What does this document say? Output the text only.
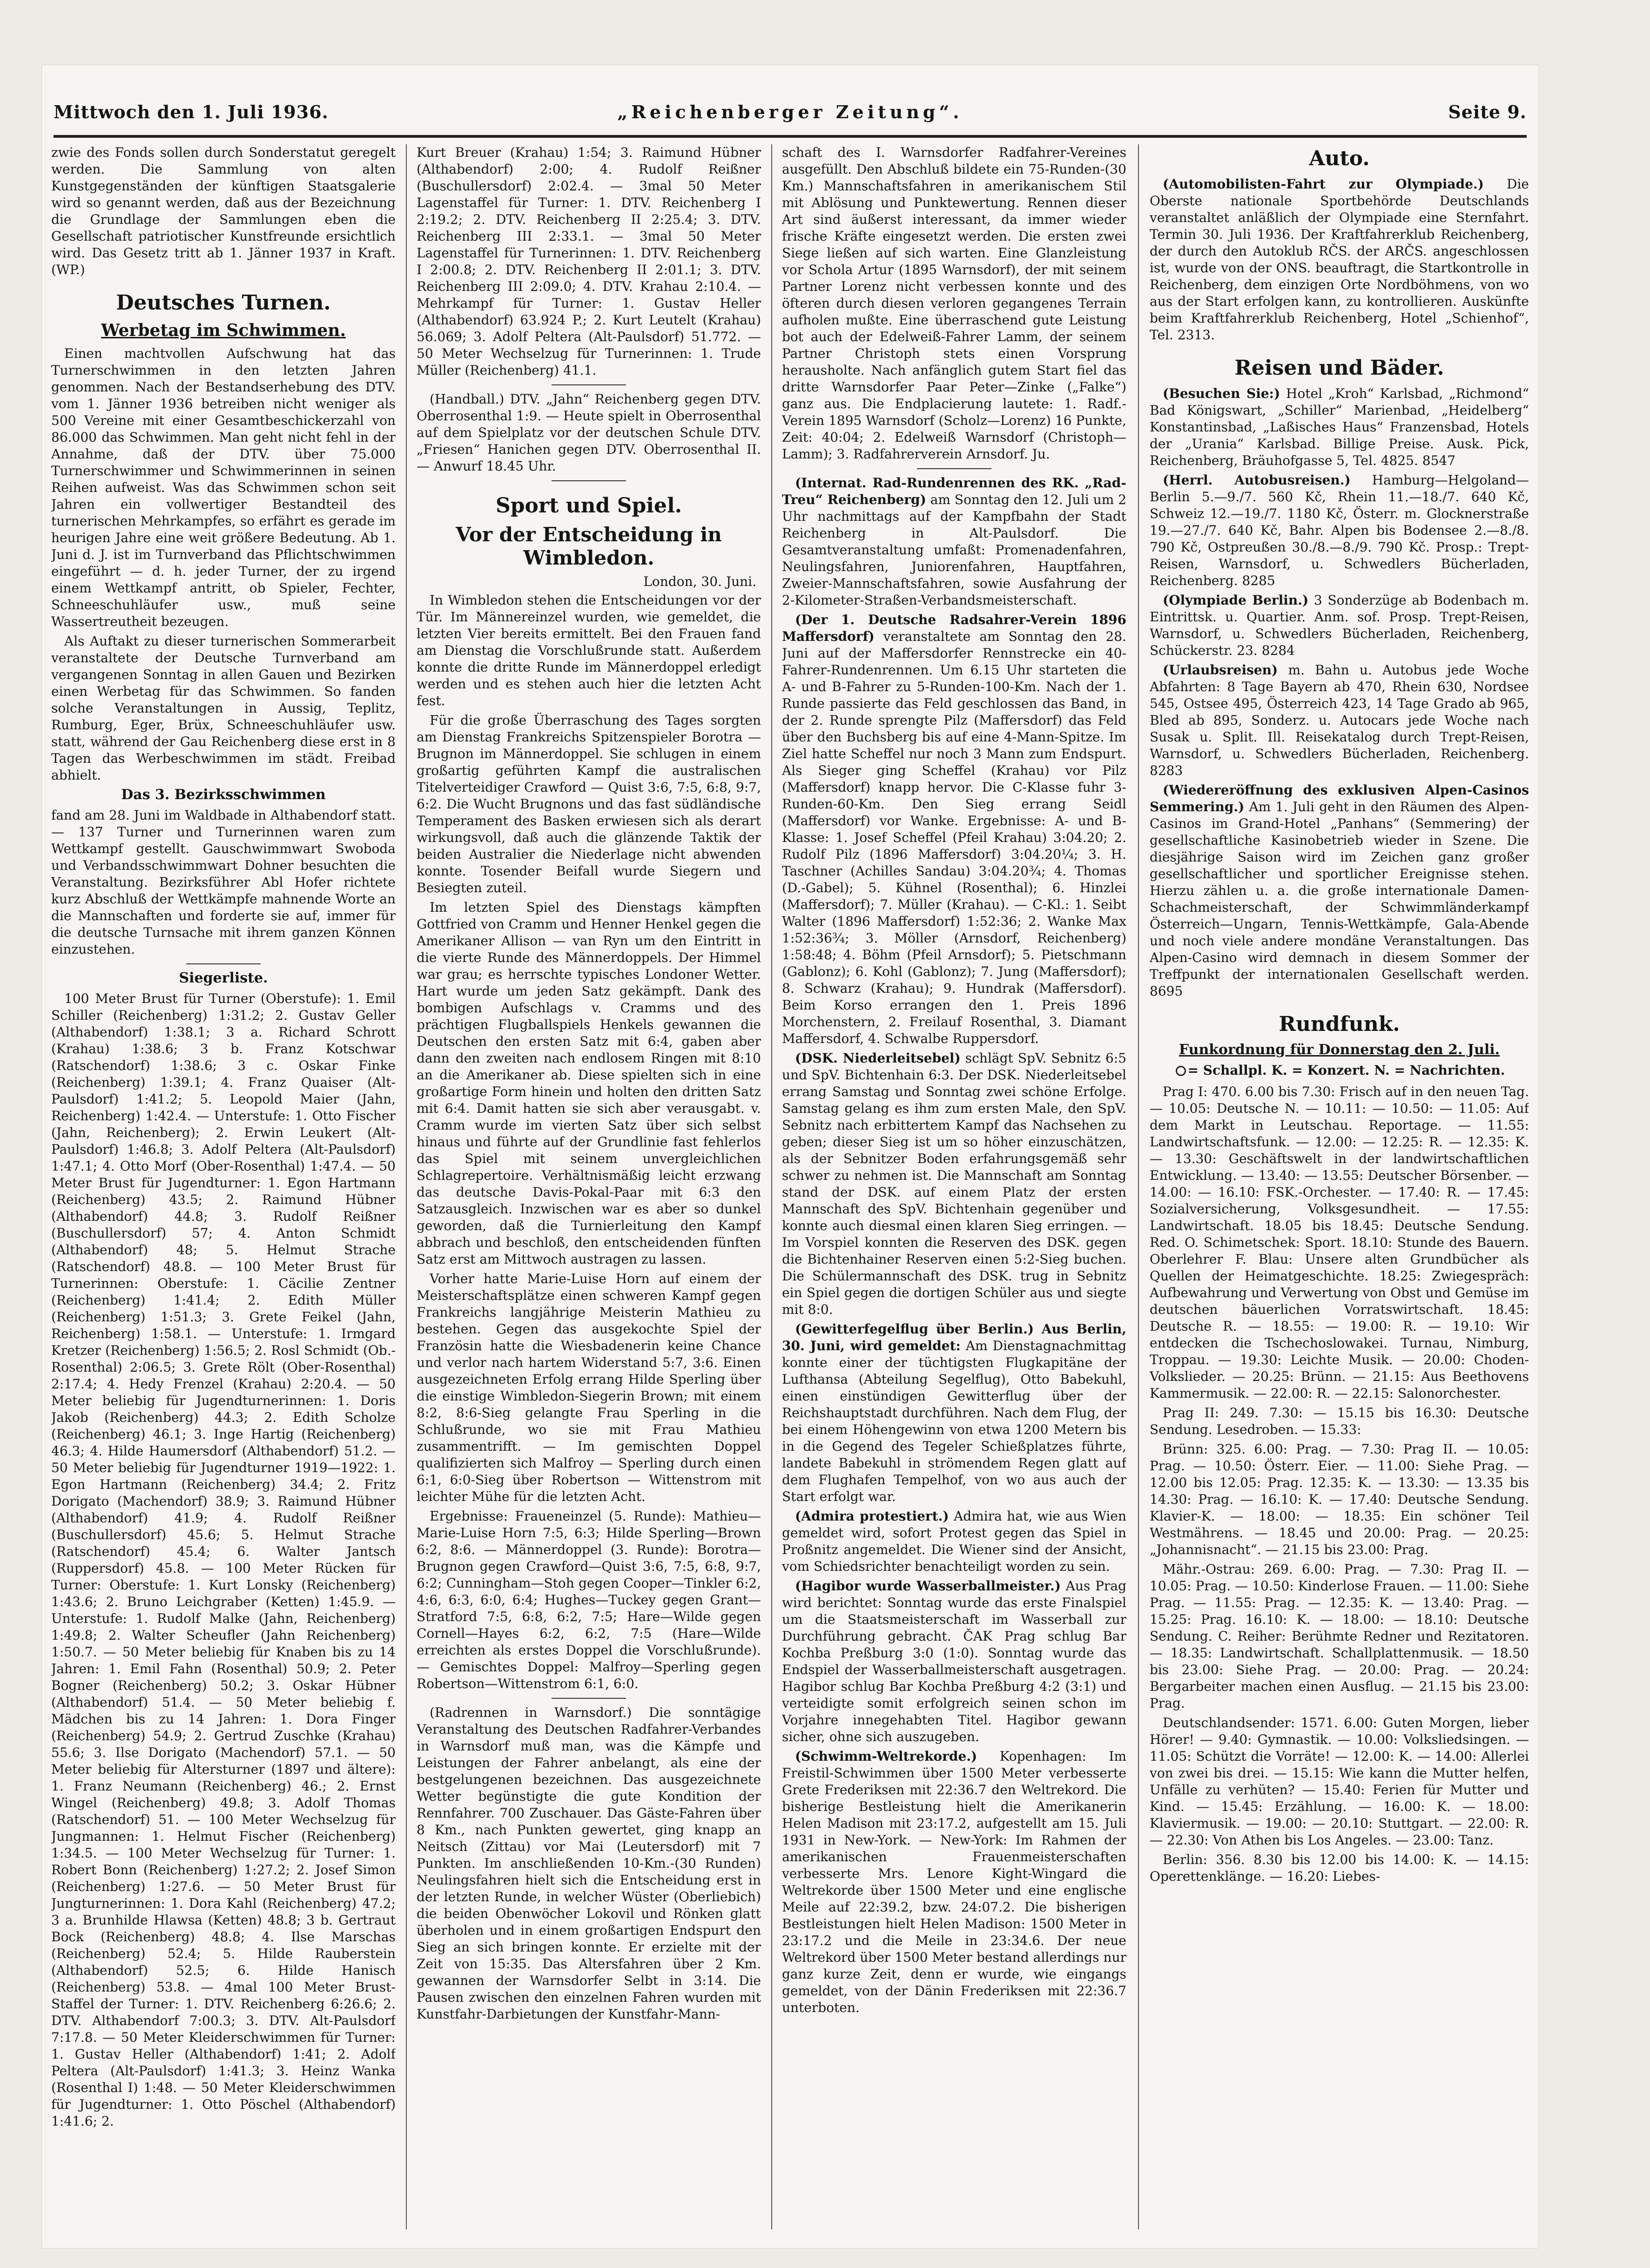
Mittwoch den 1. Juli 1936.	„Reichenberger Zeitung“.	Seite 9.

zwie des Fonds sollen durch Sonderstatut geregelt werden. Die Sammlung von alten Kunstgegenständen der künftigen Staatsgalerie wird so genannt werden, daß aus der Bezeichnung die Grundlage der Sammlungen eben die Gesellschaft patriotischer Kunstfreunde ersichtlich wird. Das Gesetz tritt ab 1. Jänner 1937 in Kraft. (WP.)

Deutsches Turnen.
Werbetag im Schwimmen.

Einen machtvollen Aufschwung hat das Turnerschwimmen in den letzten Jahren genommen. Nach der Bestandserhebung des DTV. vom 1. Jänner 1936 betreiben nicht weniger als 500 Vereine mit einer Gesamtbeschickerzahl von 86.000 das Schwimmen. Man geht nicht fehl in der Annahme, daß der DTV. über 75.000 Turnerschwimmer und Schwimmerinnen in seinen Reihen aufweist. Was das Schwimmen schon seit Jahren ein vollwertiger Bestandteil des turnerischen Mehrkampfes, so erfährt es gerade im heurigen Jahre eine weit größere Bedeutung. Ab 1. Juni d. J. ist im Turnverband das Pflichtschwimmen eingeführt — d. h. jeder Turner, der zu irgend einem Wettkampf antritt, ob Spieler, Fechter, Schneeschuhläufer usw., muß seine Wassertreutheit bezeugen.

Als Auftakt zu dieser turnerischen Sommerarbeit veranstaltete der Deutsche Turnverband am vergangenen Sonntag in allen Gauen und Bezirken einen Werbetag für das Schwimmen. So fanden solche Veranstaltungen in Aussig, Teplitz, Rumburg, Eger, Brüx, Schneeschuhläufer usw. statt, während der Gau Reichenberg diese erst in 8 Tagen das Werbeschwimmen im städt. Freibad abhielt.

Das 3. Bezirksschwimmen

fand am 28. Juni im Waldbade in Althabendorf statt. — 137 Turner und Turnerinnen waren zum Wettkampf gestellt. Gauschwimmwart Swoboda und Verbandsschwimmwart Dohner besuchten die Veranstaltung. Bezirksführer Abl Hofer richtete kurz Abschluß der Wettkämpfe mahnende Worte an die Mannschaften und forderte sie auf, immer für die deutsche Turnsache mit ihrem ganzen Können einzustehen.

Siegerliste.

100 Meter Brust für Turner (Oberstufe): 1. Emil Schiller (Reichenberg) 1:31.2; 2. Gustav Geller (Althabendorf) 1:38.1; 3 a. Richard Schrott (Krahau) 1:38.6; 3 b. Franz Kotschwar (Ratschendorf) 1:38.6; 3 c. Oskar Finke (Reichenberg) 1:39.1; 4. Franz Quaiser (Alt-Paulsdorf) 1:41.2; 5. Leopold Maier (Jahn, Reichenberg) 1:42.4. — Unterstufe: 1. Otto Fischer (Jahn, Reichenberg); 2. Erwin Leukert (Alt-Paulsdorf) 1:46.8; 3. Adolf Peltera (Alt-Paulsdorf) 1:47.1; 4. Otto Morf (Ober-Rosenthal) 1:47.4. — 50 Meter Brust für Jugendturner: 1. Egon Hartmann (Reichenberg) 43.5; 2. Raimund Hübner (Althabendorf) 44.8; 3. Rudolf Reißner (Buschullersdorf) 57; 4. Anton Schmidt (Althabendorf) 48; 5. Helmut Strache (Ratschendorf) 48.8. — 100 Meter Brust für Turnerinnen: Oberstufe: 1. Cäcilie Zentner (Reichenberg) 1:41.4; 2. Edith Müller (Reichenberg) 1:51.3; 3. Grete Feikel (Jahn, Reichenberg) 1:58.1. — Unterstufe: 1. Irmgard Kretzer (Reichenberg) 1:56.5; 2. Rosl Schmidt (Ob.-Rosenthal) 2:06.5; 3. Grete Rölt (Ober-Rosenthal) 2:17.4; 4. Hedy Frenzel (Krahau) 2:20.4. — 50 Meter beliebig für Jugendturnerinnen: 1. Doris Jakob (Reichenberg) 44.3; 2. Edith Scholze (Reichenberg) 46.1; 3. Inge Hartig (Reichenberg) 46.3; 4. Hilde Haumersdorf (Althabendorf) 51.2. — 50 Meter beliebig für Jugendturner 1919—1922: 1. Egon Hartmann (Reichenberg) 34.4; 2. Fritz Dorigato (Machendorf) 38.9; 3. Raimund Hübner (Althabendorf) 41.9; 4. Rudolf Reißner (Buschullersdorf) 45.6; 5. Helmut Strache (Ratschendorf) 45.4; 6. Walter Jantsch (Ruppersdorf) 45.8. — 100 Meter Rücken für Turner: Oberstufe: 1. Kurt Lonsky (Reichenberg) 1:43.6; 2. Bruno Leichgraber (Ketten) 1:45.9. — Unterstufe: 1. Rudolf Malke (Jahn, Reichenberg) 1:49.8; 2. Walter Scheufler (Jahn Reichenberg) 1:50.7. — 50 Meter beliebig für Knaben bis zu 14 Jahren: 1. Emil Fahn (Rosenthal) 50.9; 2. Peter Bogner (Reichenberg) 50.2; 3. Oskar Hübner (Althabendorf) 51.4. — 50 Meter beliebig f. Mädchen bis zu 14 Jahren: 1. Dora Finger (Reichenberg) 54.9; 2. Gertrud Zuschke (Krahau) 55.6; 3. Ilse Dorigato (Machendorf) 57.1. — 50 Meter beliebig für Altersturner (1897 und ältere): 1. Franz Neumann (Reichenberg) 46.; 2. Ernst Wingel (Reichenberg) 49.8; 3. Adolf Thomas (Ratschendorf) 51. — 100 Meter Wechselzug für Jungmannen: 1. Helmut Fischer (Reichenberg) 1:34.5. — 100 Meter Wechselzug für Turner: 1. Robert Bonn (Reichenberg) 1:27.2; 2. Josef Simon (Reichenberg) 1:27.6. — 50 Meter Brust für Jungturnerinnen: 1. Dora Kahl (Reichenberg) 47.2; 3 a. Brunhilde Hlawsa (Ketten) 48.8; 3 b. Gertraut Bock (Reichenberg) 48.8; 4. Ilse Marschas (Reichenberg) 52.4; 5. Hilde Rauberstein (Althabendorf) 52.5; 6. Hilde Hanisch (Reichenberg) 53.8. — 4mal 100 Meter Brust-Staffel der Turner: 1. DTV. Reichenberg 6:26.6; 2. DTV. Althabendorf 7:00.3; 3. DTV. Alt-Paulsdorf 7:17.8. — 50 Meter Kleiderschwimmen für Turner: 1. Gustav Heller (Althabendorf) 1:41; 2. Adolf Peltera (Alt-Paulsdorf) 1:41.3; 3. Heinz Wanka (Rosenthal I) 1:48. — 50 Meter Kleiderschwimmen für Jugendturner: 1. Otto Pöschel (Althabendorf) 1:41.6; 2.

Kurt Breuer (Krahau) 1:54; 3. Raimund Hübner (Althabendorf) 2:00; 4. Rudolf Reißner (Buschullersdorf) 2:02.4. — 3mal 50 Meter Lagenstaffel für Turner: 1. DTV. Reichenberg I 2:19.2; 2. DTV. Reichenberg II 2:25.4; 3. DTV. Reichenberg III 2:33.1. — 3mal 50 Meter Lagenstaffel für Turnerinnen: 1. DTV. Reichenberg I 2:00.8; 2. DTV. Reichenberg II 2:01.1; 3. DTV. Reichenberg III 2:09.0; 4. DTV. Krahau 2:10.4. — Mehrkampf für Turner: 1. Gustav Heller (Althabendorf) 63.924 P.; 2. Kurt Leutelt (Krahau) 56.069; 3. Adolf Peltera (Alt-Paulsdorf) 51.772. — 50 Meter Wechselzug für Turnerinnen: 1. Trude Müller (Reichenberg) 41.1.

(Handball.) DTV. „Jahn“ Reichenberg gegen DTV. Oberrosenthal 1:9. — Heute spielt in Oberrosenthal auf dem Spielplatz vor der deutschen Schule DTV. „Friesen“ Hanichen gegen DTV. Oberrosenthal II. — Anwurf 18.45 Uhr.

Sport und Spiel.
Vor der Entscheidung in Wimbledon.
London, 30. Juni.

In Wimbledon stehen die Entscheidungen vor der Tür. Im Männereinzel wurden, wie gemeldet, die letzten Vier bereits ermittelt. Bei den Frauen fand am Dienstag die Vorschlußrunde statt. Außerdem konnte die dritte Runde im Männerdoppel erledigt werden und es stehen auch hier die letzten Acht fest.

Für die große Überraschung des Tages sorgten am Dienstag Frankreichs Spitzenspieler Borotra — Brugnon im Männerdoppel. Sie schlugen in einem großartig geführten Kampf die australischen Titelverteidiger Crawford — Quist 3:6, 7:5, 6:8, 9:7, 6:2. Die Wucht Brugnons und das fast südländische Temperament des Basken erwiesen sich als derart wirkungsvoll, daß auch die glänzende Taktik der beiden Australier die Niederlage nicht abwenden konnte. Tosender Beifall wurde Siegern und Besiegten zuteil.

Im letzten Spiel des Dienstags kämpften Gottfried von Cramm und Henner Henkel gegen die Amerikaner Allison — van Ryn um den Eintritt in die vierte Runde des Männerdoppels. Der Himmel war grau; es herrschte typisches Londoner Wetter. Hart wurde um jeden Satz gekämpft. Dank des bombigen Aufschlags v. Cramms und des prächtigen Flugballspiels Henkels gewannen die Deutschen den ersten Satz mit 6:4, gaben aber dann den zweiten nach endlosem Ringen mit 8:10 an die Amerikaner ab. Diese spielten sich in eine großartige Form hinein und holten den dritten Satz mit 6:4. Damit hatten sie sich aber verausgabt. v. Cramm wurde im vierten Satz über sich selbst hinaus und führte auf der Grundlinie fast fehlerlos das Spiel mit seinem unvergleichlichen Schlagrepertoire. Verhältnismäßig leicht erzwang das deutsche Davis-Pokal-Paar mit 6:3 den Satzausgleich. Inzwischen war es aber so dunkel geworden, daß die Turnierleitung den Kampf abbrach und beschloß, den entscheidenden fünften Satz erst am Mittwoch austragen zu lassen.

Vorher hatte Marie-Luise Horn auf einem der Meisterschaftsplätze einen schweren Kampf gegen Frankreichs langjährige Meisterin Mathieu zu bestehen. Gegen das ausgekochte Spiel der Französin hatte die Wiesbadenerin keine Chance und verlor nach hartem Widerstand 5:7, 3:6. Einen ausgezeichneten Erfolg errang Hilde Sperling über die einstige Wimbledon-Siegerin Brown; mit einem 8:2, 8:6-Sieg gelangte Frau Sperling in die Schlußrunde, wo sie mit Frau Mathieu zusammentrifft. — Im gemischten Doppel qualifizierten sich Malfroy — Sperling durch einen 6:1, 6:0-Sieg über Robertson — Wittenstrom mit leichter Mühe für die letzten Acht.

Ergebnisse: Fraueneinzel (5. Runde): Mathieu—Marie-Luise Horn 7:5, 6:3; Hilde Sperling—Brown 6:2, 8:6. — Männerdoppel (3. Runde): Borotra—Brugnon gegen Crawford—Quist 3:6, 7:5, 6:8, 9:7, 6:2; Cunningham—Stoh gegen Cooper—Tinkler 6:2, 4:6, 6:3, 6:0, 6:4; Hughes—Tuckey gegen Grant—Stratford 7:5, 6:8, 6:2, 7:5; Hare—Wilde gegen Cornell—Hayes 6:2, 6:2, 7:5 (Hare—Wilde erreichten als erstes Doppel die Vorschlußrunde). — Gemischtes Doppel: Malfroy—Sperling gegen Robertson—Wittenstrom 6:1, 6:0.

(Radrennen in Warnsdorf.) Die sonntägige Veranstaltung des Deutschen Radfahrer-Verbandes in Warnsdorf muß man, was die Kämpfe und Leistungen der Fahrer anbelangt, als eine der bestgelungenen bezeichnen. Das ausgezeichnete Wetter begünstigte die gute Kondition der Rennfahrer. 700 Zuschauer. Das Gäste-Fahren über 8 Km., nach Punkten gewertet, ging knapp an Neitsch (Zittau) vor Mai (Leutersdorf) mit 7 Punkten. Im anschließenden 10-Km.-(30 Runden) Neulingsfahren hielt sich die Entscheidung erst in der letzten Runde, in welcher Wüster (Oberliebich) die beiden Obenwöcher Lokovil und Rönken glatt überholen und in einem großartigen Endspurt den Sieg an sich bringen konnte. Er erzielte mit der Zeit von 15:35. Das Altersfahren über 2 Km. gewannen der Warnsdorfer Selbt in 3:14. Die Pausen zwischen den einzelnen Fahren wurden mit Kunstfahr-Darbietungen der Kunstfahr-Mann-

schaft des I. Warnsdorfer Radfahrer-Vereines ausgefüllt. Den Abschluß bildete ein 75-Runden-(30 Km.) Mannschaftsfahren in amerikanischem Stil mit Ablösung und Punktewertung. Rennen dieser Art sind äußerst interessant, da immer wieder frische Kräfte eingesetzt werden. Die ersten zwei Siege ließen auf sich warten. Eine Glanzleistung vor Schola Artur (1895 Warnsdorf), der mit seinem Partner Lorenz nicht verbessen konnte und des öfteren durch diesen verloren gegangenes Terrain aufholen mußte. Eine überraschend gute Leistung bot auch der Edelweiß-Fahrer Lamm, der seinem Partner Christoph stets einen Vorsprung herausholte. Nach anfänglich gutem Start fiel das dritte Warnsdorfer Paar Peter—Zinke („Falke“) ganz aus. Die Endplacierung lautete: 1. Radf.-Verein 1895 Warnsdorf (Scholz—Lorenz) 16 Punkte, Zeit: 40:04; 2. Edelweiß Warnsdorf (Christoph—Lamm); 3. Radfahrerverein Arnsdorf. Ju.

(Internat. Rad-Rundenrennen des RK. „Rad-Treu“ Reichenberg) am Sonntag den 12. Juli um 2 Uhr nachmittags auf der Kampfbahn der Stadt Reichenberg in Alt-Paulsdorf. Die Gesamtveranstaltung umfaßt: Promenadenfahren, Neulingsfahren, Juniorenfahren, Hauptfahren, Zweier-Mannschaftsfahren, sowie Ausfahrung der 2-Kilometer-Straßen-Verbandsmeisterschaft.

(Der 1. Deutsche Radsahrer-Verein 1896 Maffersdorf) veranstaltete am Sonntag den 28. Juni auf der Maffersdorfer Rennstrecke ein 40-Fahrer-Rundenrennen. Um 6.15 Uhr starteten die A- und B-Fahrer zu 5-Runden-100-Km. Nach der 1. Runde passierte das Feld geschlossen das Band, in der 2. Runde sprengte Pilz (Maffersdorf) das Feld über den Buchsberg bis auf eine 4-Mann-Spitze. Im Ziel hatte Scheffel nur noch 3 Mann zum Endspurt. Als Sieger ging Scheffel (Krahau) vor Pilz (Maffersdorf) knapp hervor. Die C-Klasse fuhr 3-Runden-60-Km. Den Sieg errang Seidl (Maffersdorf) vor Wanke. Ergebnisse: A- und B-Klasse: 1. Josef Scheffel (Pfeil Krahau) 3:04.20; 2. Rudolf Pilz (1896 Maffersdorf) 3:04.20¼; 3. H. Taschner (Achilles Sandau) 3:04.20¾; 4. Thomas (D.-Gabel); 5. Kühnel (Rosenthal); 6. Hinzlei (Maffersdorf); 7. Müller (Krahau). — C-Kl.: 1. Seibt Walter (1896 Maffersdorf) 1:52:36; 2. Wanke Max 1:52:36¾; 3. Möller (Arnsdorf, Reichenberg) 1:58:48; 4. Böhm (Pfeil Arnsdorf); 5. Pietschmann (Gablonz); 6. Kohl (Gablonz); 7. Jung (Maffersdorf); 8. Schwarz (Krahau); 9. Hundrak (Maffersdorf). Beim Korso errangen den 1. Preis 1896 Morchenstern, 2. Freilauf Rosenthal, 3. Diamant Maffersdorf, 4. Schwalbe Ruppersdorf.

(DSK. Niederleitsebel) schlägt SpV. Sebnitz 6:5 und SpV. Bichtenhain 6:3. Der DSK. Niederleitsebel errang Samstag und Sonntag zwei schöne Erfolge. Samstag gelang es ihm zum ersten Male, den SpV. Sebnitz nach erbittertem Kampf das Nachsehen zu geben; dieser Sieg ist um so höher einzuschätzen, als der Sebnitzer Boden erfahrungsgemäß sehr schwer zu nehmen ist. Die Mannschaft am Sonntag stand der DSK. auf einem Platz der ersten Mannschaft des SpV. Bichtenhain gegenüber und konnte auch diesmal einen klaren Sieg erringen. — Im Vorspiel konnten die Reserven des DSK. gegen die Bichtenhainer Reserven einen 5:2-Sieg buchen. Die Schülermannschaft des DSK. trug in Sebnitz ein Spiel gegen die dortigen Schüler aus und siegte mit 8:0.

(Gewitterfegelflug über Berlin.) Aus Berlin, 30. Juni, wird gemeldet: Am Dienstagnachmittag konnte einer der tüchtigsten Flugkapitäne der Lufthansa (Abteilung Segelflug), Otto Babekuhl, einen einstündigen Gewitterflug über der Reichshauptstadt durchführen. Nach dem Flug, der bei einem Höhengewinn von etwa 1200 Metern bis in die Gegend des Tegeler Schießplatzes führte, landete Babekuhl in strömendem Regen glatt auf dem Flughafen Tempelhof, von wo aus auch der Start erfolgt war.

(Admira protestiert.) Admira hat, wie aus Wien gemeldet wird, sofort Protest gegen das Spiel in Proßnitz angemeldet. Die Wiener sind der Ansicht, vom Schiedsrichter benachteiligt worden zu sein.

(Hagibor wurde Wasserballmeister.) Aus Prag wird berichtet: Sonntag wurde das erste Finalspiel um die Staatsmeisterschaft im Wasserball zur Durchführung gebracht. ČAK Prag schlug Bar Kochba Preßburg 3:0 (1:0). Sonntag wurde das Endspiel der Wasserballmeisterschaft ausgetragen. Hagibor schlug Bar Kochba Preßburg 4:2 (3:1) und verteidigte somit erfolgreich seinen schon im Vorjahre innegehabten Titel. Hagibor gewann sicher, ohne sich auszugeben.

(Schwimm-Weltrekorde.) Kopenhagen: Im Freistil-Schwimmen über 1500 Meter verbesserte Grete Frederiksen mit 22:36.7 den Weltrekord. Die bisherige Bestleistung hielt die Amerikanerin Helen Madison mit 23:17.2, aufgestellt am 15. Juli 1931 in New-York. — New-York: Im Rahmen der amerikanischen Frauenmeisterschaften verbesserte Mrs. Lenore Kight-Wingard die Weltrekorde über 1500 Meter und eine englische Meile auf 22:39.2, bzw. 24:07.2. Die bisherigen Bestleistungen hielt Helen Madison: 1500 Meter in 23:17.2 und die Meile in 23:34.6. Der neue Weltrekord über 1500 Meter bestand allerdings nur ganz kurze Zeit, denn er wurde, wie eingangs gemeldet, von der Dänin Frederiksen mit 22:36.7 unterboten.

Auto.

(Automobilisten-Fahrt zur Olympiade.) Die Oberste nationale Sportbehörde Deutschlands veranstaltet anläßlich der Olympiade eine Sternfahrt. Termin 30. Juli 1936. Der Kraftfahrerklub Reichenberg, der durch den Autoklub RČS. der ARČS. angeschlossen ist, wurde von der ONS. beauftragt, die Startkontrolle in Reichenberg, dem einzigen Orte Nordböhmens, von wo aus der Start erfolgen kann, zu kontrollieren. Auskünfte beim Kraftfahrerklub Reichenberg, Hotel „Schienhof“, Tel. 2313.

Reisen und Bäder.

(Besuchen Sie:) Hotel „Kroh“ Karlsbad, „Richmond“ Bad Königswart, „Schiller“ Marienbad, „Heidelberg“ Konstantinsbad, „Laßisches Haus“ Franzensbad, Hotels der „Urania“ Karlsbad. Billige Preise. Ausk. Pick, Reichenberg, Bräuhofgasse 5, Tel. 4825. 8547

(Herrl. Autobusreisen.) Hamburg—Helgoland—Berlin 5.—9./7. 560 Kč, Rhein 11.—18./7. 640 Kč, Schweiz 12.—19./7. 1180 Kč, Österr. m. Glocknerstraße 19.—27./7. 640 Kč, Bahr. Alpen bis Bodensee 2.—8./8. 790 Kč, Ostpreußen 30./8.—8./9. 790 Kč. Prosp.: Trept-Reisen, Warnsdorf, u. Schwedlers Bücherladen, Reichenberg. 8285

(Olympiade Berlin.) 3 Sonderzüge ab Bodenbach m. Eintrittsk. u. Quartier. Anm. sof. Prosp. Trept-Reisen, Warnsdorf, u. Schwedlers Bücherladen, Reichenberg, Schückerstr. 23. 8284

(Urlaubsreisen) m. Bahn u. Autobus jede Woche Abfahrten: 8 Tage Bayern ab 470, Rhein 630, Nordsee 545, Ostsee 495, Österreich 423, 14 Tage Grado ab 965, Bled ab 895, Sonderz. u. Autocars jede Woche nach Susak u. Split. Ill. Reisekatalog durch Trept-Reisen, Warnsdorf, u. Schwedlers Bücherladen, Reichenberg. 8283

(Wiedereröffnung des exklusiven Alpen-Casinos Semmering.) Am 1. Juli geht in den Räumen des Alpen-Casinos im Grand-Hotel „Panhans“ (Semmering) der gesellschaftliche Kasinobetrieb wieder in Szene. Die diesjährige Saison wird im Zeichen ganz großer gesellschaftlicher und sportlicher Ereignisse stehen. Hierzu zählen u. a. die große internationale Damen-Schachmeisterschaft, der Schwimmländerkampf Österreich—Ungarn, Tennis-Wettkämpfe, Gala-Abende und noch viele andere mondäne Veranstaltungen. Das Alpen-Casino wird demnach in diesem Sommer der Treffpunkt der internationalen Gesellschaft werden. 8695

Rundfunk.
Funkordnung für Donnerstag den 2. Juli.
= Schallpl. K. = Konzert. N. = Nachrichten.

Prag I: 470. 6.00 bis 7.30: Frisch auf in den neuen Tag. — 10.05: Deutsche N. — 10.11: — 10.50: — 11.05: Auf dem Markt in Leutschau. Reportage. — 11.55: Landwirtschaftsfunk. — 12.00: — 12.25: R. — 12.35: K. — 13.30: Geschäftswelt in der landwirtschaftlichen Entwicklung. — 13.40: — 13.55: Deutscher Börsenber. — 14.00: — 16.10: FSK.-Orchester. — 17.40: R. — 17.45: Sozialversicherung, Volksgesundheit. — 17.55: Landwirtschaft. 18.05 bis 18.45: Deutsche Sendung. Red. O. Schimetschek: Sport. 18.10: Stunde des Bauern. Oberlehrer F. Blau: Unsere alten Grundbücher als Quellen der Heimatgeschichte. 18.25: Zwiegespräch: Aufbewahrung und Verwertung von Obst und Gemüse im deutschen bäuerlichen Vorratswirtschaft. 18.45: Deutsche R. — 18.55: — 19.00: R. — 19.10: Wir entdecken die Tschechoslowakei. Turnau, Nimburg, Troppau. — 19.30: Leichte Musik. — 20.00: Choden-Volkslieder. — 20.25: Brünn. — 21.15: Aus Beethovens Kammermusik. — 22.00: R. — 22.15: Salonorchester.

Prag II: 249. 7.30: — 15.15 bis 16.30: Deutsche Sendung. Lesedroben. — 15.33:

Brünn: 325. 6.00: Prag. — 7.30: Prag II. — 10.05: Prag. — 10.50: Österr. Eier. — 11.00: Siehe Prag. — 12.00 bis 12.05: Prag. 12.35: K. — 13.30: — 13.35 bis 14.30: Prag. — 16.10: K. — 17.40: Deutsche Sendung. Klavier-K. — 18.00: — 18.35: Ein schöner Teil Westmährens. — 18.45 und 20.00: Prag. — 20.25: „Johannisnacht“. — 21.15 bis 23.00: Prag.

Mähr.-Ostrau: 269. 6.00: Prag. — 7.30: Prag II. — 10.05: Prag. — 10.50: Kinderlose Frauen. — 11.00: Siehe Prag. — 11.55: Prag. — 12.35: K. — 13.40: Prag. — 15.25: Prag. 16.10: K. — 18.00: — 18.10: Deutsche Sendung. C. Reiher: Berühmte Redner und Rezitatoren. — 18.35: Landwirtschaft. Schallplattenmusik. — 18.50 bis 23.00: Siehe Prag. — 20.00: Prag. — 20.24: Bergarbeiter machen einen Ausflug. — 21.15 bis 23.00: Prag.

Deutschlandsender: 1571. 6.00: Guten Morgen, lieber Hörer! — 9.40: Gymnastik. — 10.00: Volksliedsingen. — 11.05: Schützt die Vorräte! — 12.00: K. — 14.00: Allerlei von zwei bis drei. — 15.15: Wie kann die Mutter helfen, Unfälle zu verhüten? — 15.40: Ferien für Mutter und Kind. — 15.45: Erzählung. — 16.00: K. — 18.00: Klaviermusik. — 19.00: — 20.10: Stuttgart. — 22.00: R. — 22.30: Von Athen bis Los Angeles. — 23.00: Tanz.

Berlin: 356. 8.30 bis 12.00 bis 14.00: K. — 14.15: Operettenklänge. — 16.20: Liebes-
